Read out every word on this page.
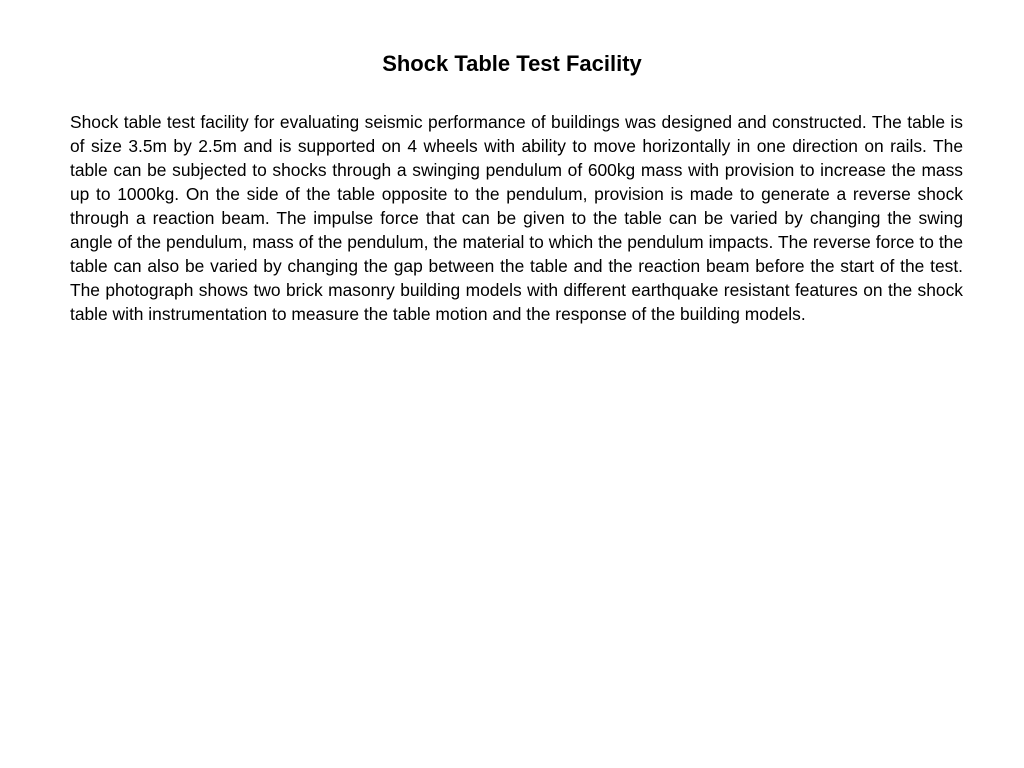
Shock Table Test Facility

Shock table test facility for evaluating seismic performance of buildings was designed and constructed. The table is of size 3.5m by 2.5m and is supported on 4 wheels with ability to move horizontally in one direction on rails. The table can be subjected to shocks through a swinging pendulum of 600kg mass with provision to increase the mass up to 1000kg. On the side of the table opposite to the pendulum, provision is made to generate a reverse shock through a reaction beam. The impulse force that can be given to the table can be varied by changing the swing angle of the pendulum, mass of the pendulum, the material to which the pendulum impacts. The reverse force to the table can also be varied by changing the gap between the table and the reaction beam before the start of the test. The photograph shows two brick masonry building models with different earthquake resistant features on the shock table with instrumentation to measure the table motion and the response of the building models.
